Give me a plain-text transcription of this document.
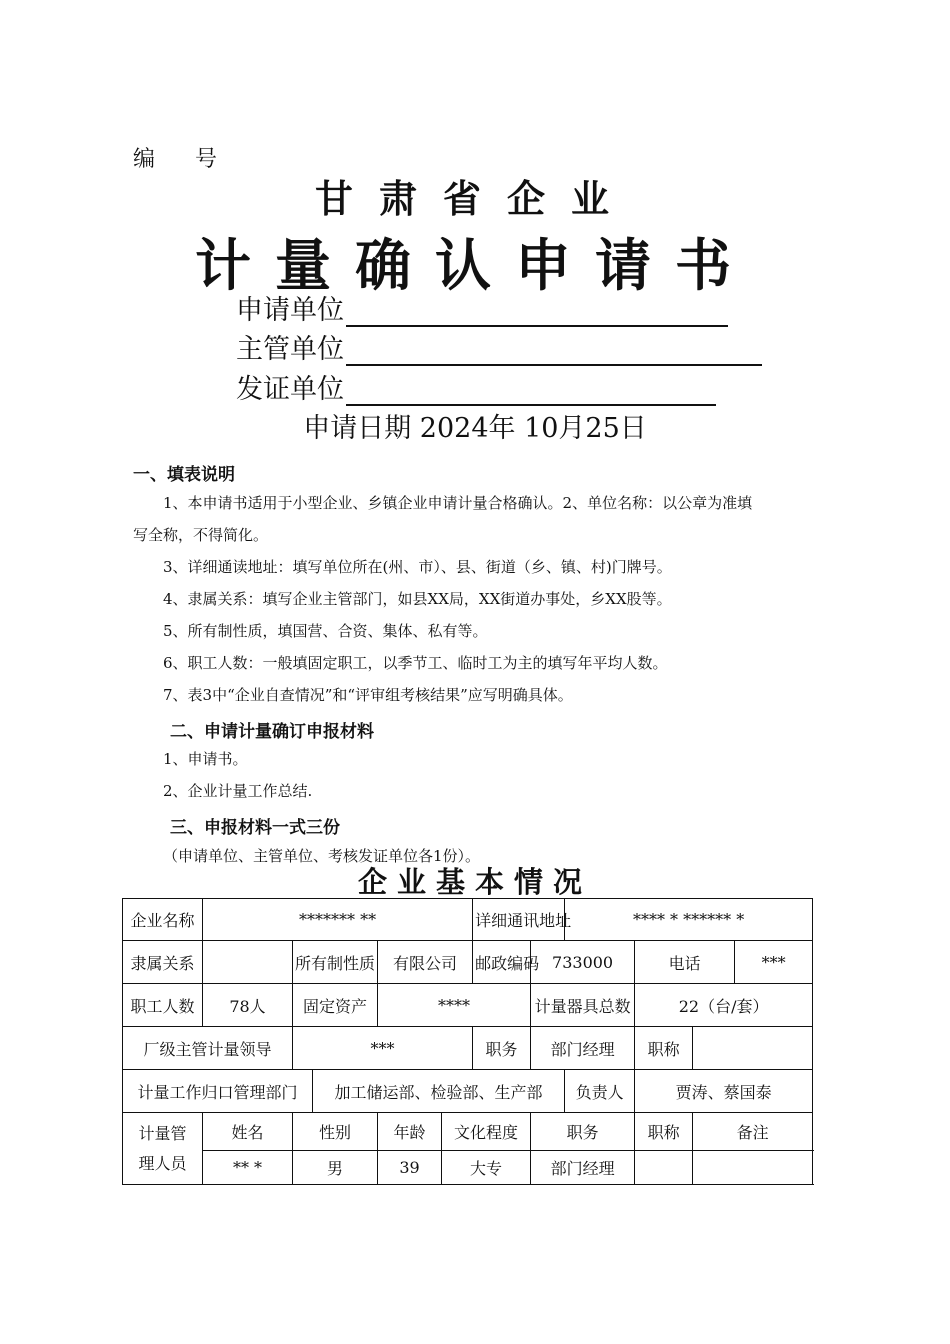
编 号
甘肃省企业
计量确认申请书
申请单位
主管单位
发证单位
申请日期 2024年 10月25日
一、填表说明
1、本申请书适用于小型企业、乡镇企业申请计量合格确认。2、单位名称：以公章为准填
写全称，不得简化。
3、详细通读地址：填写单位所在(州、市）、县、街道（乡、镇、村)门牌号。
4、隶属关系：填写企业主管部门，如县XX局，XX街道办事处，乡XX股等。
5、所有制性质，填国营、合资、集体、私有等。
6、职工人数：一般填固定职工，以季节工、临时工为主的填写年平均人数。
7、表3中“企业自查情况”和“评审组考核结果”应写明确具体。
二、申请计量确订申报材料
1、申请书。
2、企业计量工作总结.
三、申报材料一式三份
（申请单位、主管单位、考核发证单位各1份）。
企业基本情况
企业名称	******* **					详细通讯地址		**** * ****** *			
隶属关系		所有制性质		有限公司		邮政编码	733000		电话		***
职工人数	78人	固定资产		****			计量器具总数		22（台/套）		
厂级主管计量领导		***				职务	部门经理		职称		
计量工作归口管理部门			加工储运部、检验部、生产部					负责人	贾涛、蔡国泰		

计量管
理人员	姓名	性别		年龄	文化程度		职务		职称	备注	
	** *	男		39	大专		部门经理				
